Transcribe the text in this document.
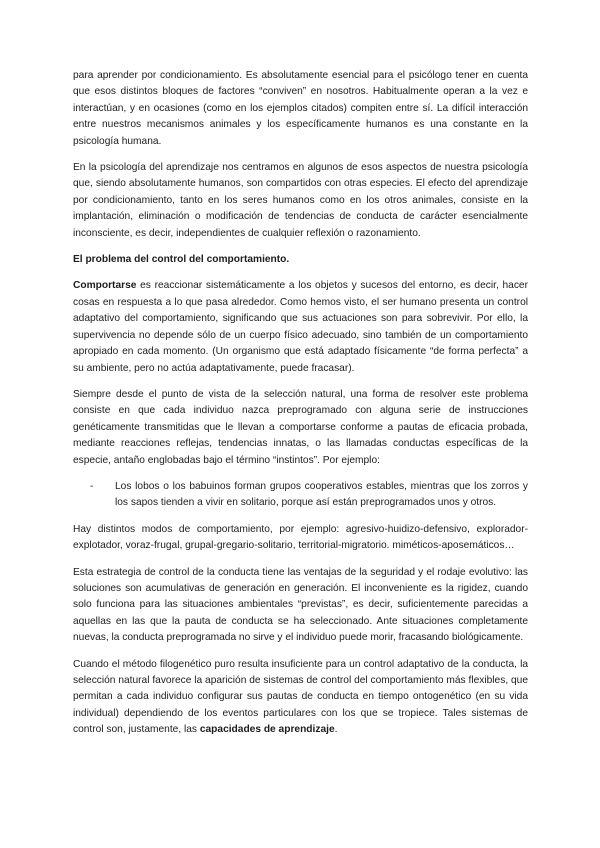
para aprender por condicionamiento. Es absolutamente esencial para el psicólogo tener en cuenta que esos distintos bloques de factores “conviven” en nosotros. Habitualmente operan a la vez e interactúan, y en ocasiones (como en los ejemplos citados) compiten entre sí. La difícil interacción entre nuestros mecanismos animales y los específicamente humanos es una constante en la psicología humana.

En la psicología del aprendizaje nos centramos en algunos de esos aspectos de nuestra psicología que, siendo absolutamente humanos, son compartidos con otras especies. El efecto del aprendizaje por condicionamiento, tanto en los seres humanos como en los otros animales, consiste en la implantación, eliminación o modificación de tendencias de conducta de carácter esencialmente inconsciente, es decir, independientes de cualquier reflexión o razonamiento.

El problema del control del comportamiento.

Comportarse es reaccionar sistemáticamente a los objetos y sucesos del entorno, es decir, hacer cosas en respuesta a lo que pasa alrededor. Como hemos visto, el ser humano presenta un control adaptativo del comportamiento, significando que sus actuaciones son para sobrevivir. Por ello, la supervivencia no depende sólo de un cuerpo físico adecuado, sino también de un comportamiento apropiado en cada momento. (Un organismo que está adaptado físicamente “de forma perfecta” a su ambiente, pero no actúa adaptativamente, puede fracasar).

Siempre desde el punto de vista de la selección natural, una forma de resolver este problema consiste en que cada individuo nazca preprogramado con alguna serie de instrucciones genéticamente transmitidas que le llevan a comportarse conforme a pautas de eficacia probada, mediante reacciones reflejas, tendencias innatas, o las llamadas conductas específicas de la especie, antaño englobadas bajo el término “instintos”. Por ejemplo:

- Los lobos o los babuinos forman grupos cooperativos estables, mientras que los zorros y los sapos tienden a vivir en solitario, porque así están preprogramados unos y otros.

Hay distintos modos de comportamiento, por ejemplo: agresivo-huidizo-defensivo, explorador-explotador, voraz-frugal, grupal-gregario-solitario, territorial-migratorio. miméticos-aposemáticos…

Esta estrategia de control de la conducta tiene las ventajas de la seguridad y el rodaje evolutivo: las soluciones son acumulativas de generación en generación. El inconveniente es la rigidez, cuando solo funciona para las situaciones ambientales “previstas”, es decir, suficientemente parecidas a aquellas en las que la pauta de conducta se ha seleccionado. Ante situaciones completamente nuevas, la conducta preprogramada no sirve y el individuo puede morir, fracasando biológicamente.

Cuando el método filogenético puro resulta insuficiente para un control adaptativo de la conducta, la selección natural favorece la aparición de sistemas de control del comportamiento más flexibles, que permitan a cada individuo configurar sus pautas de conducta en tiempo ontogenético (en su vida individual) dependiendo de los eventos particulares con los que se tropiece. Tales sistemas de control son, justamente, las capacidades de aprendizaje.
